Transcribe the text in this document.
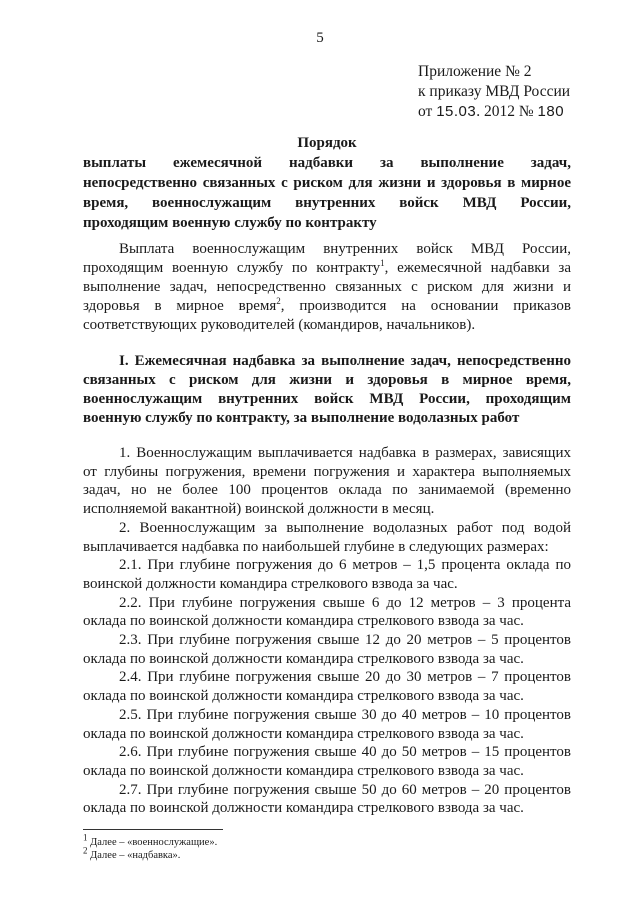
5
Приложение № 2
к приказу МВД России
от 15.03. 2012 № 180
Порядок
выплаты ежемесячной надбавки за выполнение задач,
непосредственно связанных с риском для жизни и здоровья в мирное
время, военнослужащим внутренних войск МВД России,
проходящим военную службу по контракту

Выплата военнослужащим внутренних войск МВД России, проходящим военную службу по контракту$^1$, ежемесячной надбавки за выполнение задач, непосредственно связанных с риском для жизни и здоровья в мирное время$^2$, производится на основании приказов соответствующих руководителей (командиров, начальников).

I. Ежемесячная надбавка за выполнение задач, непосредственно связанных с риском для жизни и здоровья в мирное время, военнослужащим внутренних войск МВД России, проходящим военную службу по контракту, за выполнение водолазных работ

1. Военнослужащим выплачивается надбавка в размерах, зависящих от глубины погружения, времени погружения и характера выполняемых задач, но не более 100 процентов оклада по занимаемой (временно исполняемой вакантной) воинской должности в месяц.

2. Военнослужащим за выполнение водолазных работ под водой выплачивается надбавка по наибольшей глубине в следующих размерах:

2.1. При глубине погружения до 6 метров – 1,5 процента оклада по воинской должности командира стрелкового взвода за час.

2.2. При глубине погружения свыше 6 до 12 метров – 3 процента оклада по воинской должности командира стрелкового взвода за час.

2.3. При глубине погружения свыше 12 до 20 метров – 5 процентов оклада по воинской должности командира стрелкового взвода за час.

2.4. При глубине погружения свыше 20 до 30 метров – 7 процентов оклада по воинской должности командира стрелкового взвода за час.

2.5. При глубине погружения свыше 30 до 40 метров – 10 процентов оклада по воинской должности командира стрелкового взвода за час.

2.6. При глубине погружения свыше 40 до 50 метров – 15 процентов оклада по воинской должности командира стрелкового взвода за час.

2.7. При глубине погружения свыше 50 до 60 метров – 20 процентов оклада по воинской должности командира стрелкового взвода за час.

$^1$ Далее – «военнослужащие».
$^2$ Далее – «надбавка».
